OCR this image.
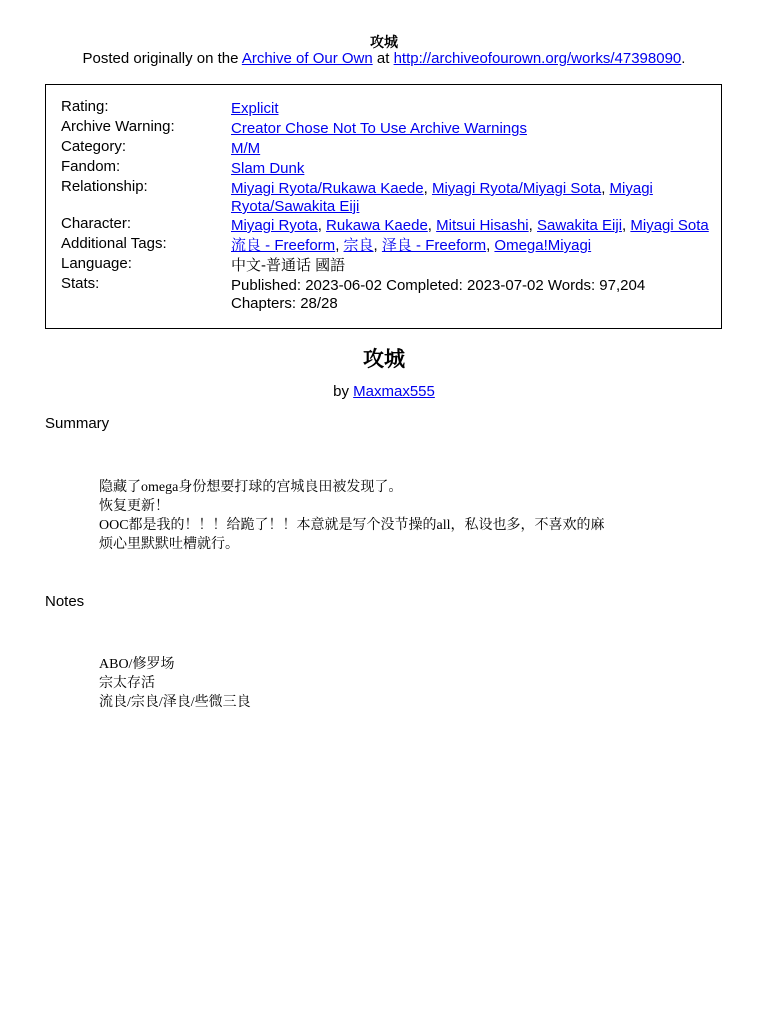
攻城
Posted originally on the Archive of Our Own at http://archiveofourown.org/works/47398090.
Rating:	Explicit
Archive Warning:	Creator Chose Not To Use Archive Warnings
Category:	M/M
Fandom:	Slam Dunk
Relationship:	Miyagi Ryota/Rukawa Kaede, Miyagi Ryota/Miyagi Sota, Miyagi Ryota/Sawakita Eiji
Character:	Miyagi Ryota, Rukawa Kaede, Mitsui Hisashi, Sawakita Eiji, Miyagi Sota
Additional Tags:	流良 - Freeform, 宗良, 泽良 - Freeform, Omega!Miyagi
Language:	中文-普通话 國語
Stats:	Published: 2023-06-02 Completed: 2023-07-02 Words: 97,204
Chapters: 28/28
攻城
by Maxmax555
Summary
隐藏了omega身份想要打球的宫城良田被发现了。
恢复更新！
OOC都是我的！！！给跪了！！本意就是写个没节操的all，私设也多，不喜欢的麻
烦心里默默吐槽就行。
Notes
ABO/修罗场
宗太存活
流良/宗良/泽良/些微三良
